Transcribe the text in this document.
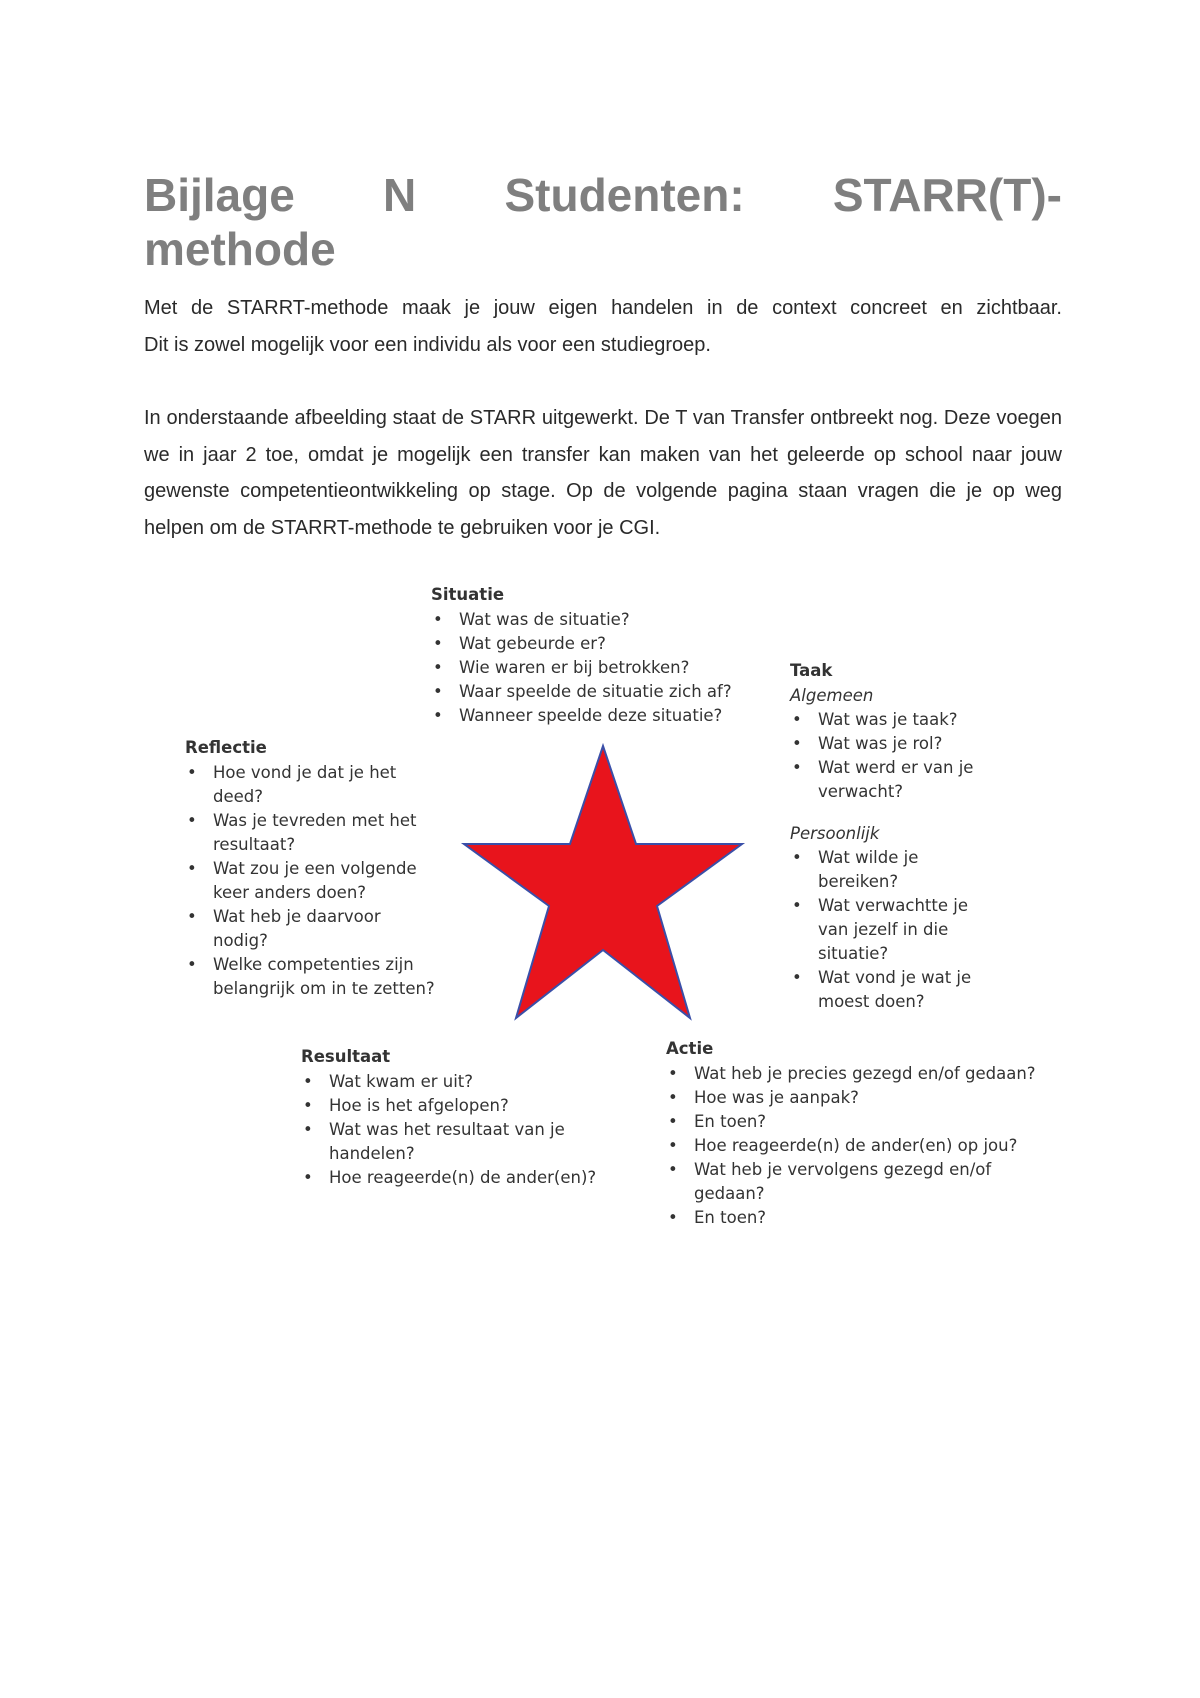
Bijlage N Studenten: STARR(T)-
methode
Met de STARRT-methode maak je jouw eigen handelen in de context concreet en zichtbaar.
Dit is zowel mogelijk voor een individu als voor een studiegroep.
In onderstaande afbeelding staat de STARR uitgewerkt. De T van Transfer ontbreekt nog. Deze voegen we in jaar 2 toe, omdat je mogelijk een transfer kan maken van het geleerde op school naar jouw gewenste competentieontwikkeling op stage. Op de volgende pagina staan vragen die je op weg helpen om de STARRT-methode te gebruiken voor je CGI.

Situatie

• Wat was de situatie?
• Wat gebeurde er?
• Wie waren er bij betrokken?
• Waar speelde de situatie zich af?
• Wanneer speelde deze situatie?

Taak

Algemeen

• Wat was je taak?
• Wat was je rol?
• Wat werd er van je verwacht?

Persoonlijk

• Wat wilde je bereiken?
• Wat verwachtte je van jezelf in die situatie?
• Wat vond je wat je moest doen?

Reflectie

• Hoe vond je dat je het deed?
• Was je tevreden met het resultaat?
• Wat zou je een volgende keer anders doen?
• Wat heb je daarvoor nodig?
• Welke competenties zijn belangrijk om in te zetten?

Resultaat

• Wat kwam er uit?
• Hoe is het afgelopen?
• Wat was het resultaat van je handelen?
• Hoe reageerde(n) de ander(en)?

Actie

• Wat heb je precies gezegd en/of gedaan?
• Hoe was je aanpak?
• En toen?
• Hoe reageerde(n) de ander(en) op jou?
• Wat heb je vervolgens gezegd en/of gedaan?
• En toen?
